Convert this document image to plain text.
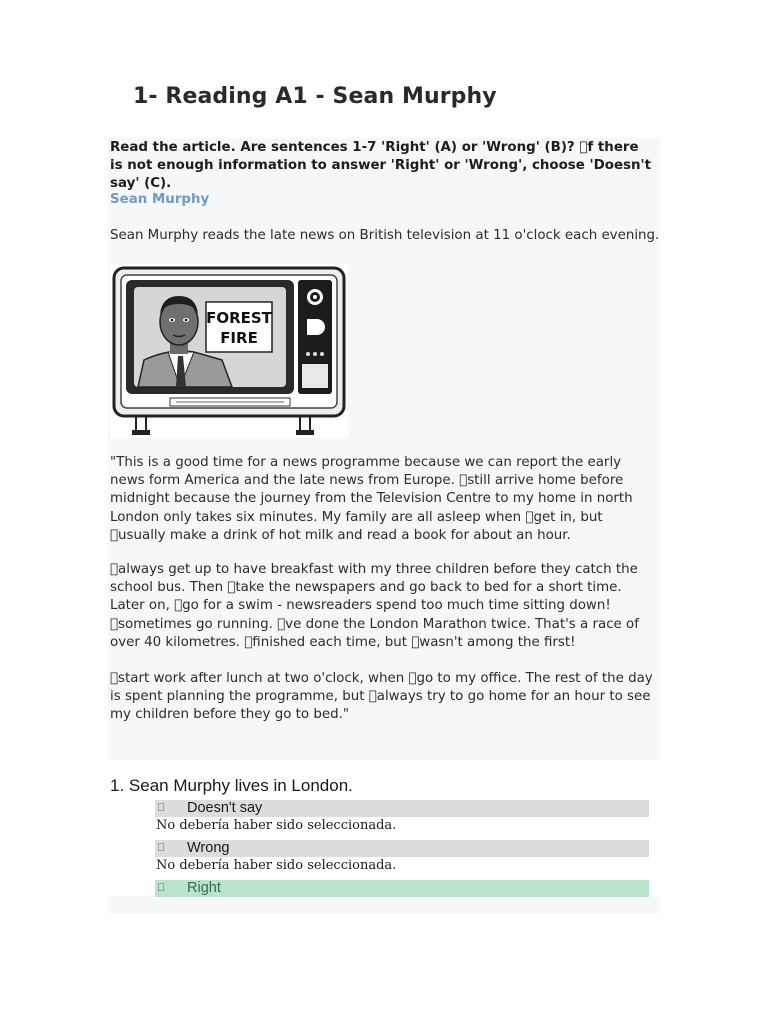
1- Reading A1 - Sean Murphy

Read the article. Are sentences 1-7 'Right' (A) or 'Wrong' (B)? f there is not enough information to answer 'Right' or 'Wrong', choose 'Doesn't say' (C).

Sean Murphy

Sean Murphy reads the late news on British television at 11 o'clock each evening.

FOREST
FIRE

"This is a good time for a news programme because we can report the early news form America and the late news from Europe. still arrive home before midnight because the journey from the Television Centre to my home in north London only takes six minutes. My family are all asleep when get in, but usually make a drink of hot milk and read a book for about an hour.

always get up to have breakfast with my three children before they catch the school bus. Then take the newspapers and go back to bed for a short time. Later on, go for a swim - newsreaders spend too much time sitting down! sometimes go running. ve done the London Marathon twice. That's a race of over 40 kilometres. finished each time, but wasn't among the first!

start work after lunch at two o'clock, when go to my office. The rest of the day is spent planning the programme, but always try to go home for an hour to see my children before they go to bed."

1. Sean Murphy lives in London.

Doesn't say

No debería haber sido seleccionada.

Wrong

No debería haber sido seleccionada.

Right
